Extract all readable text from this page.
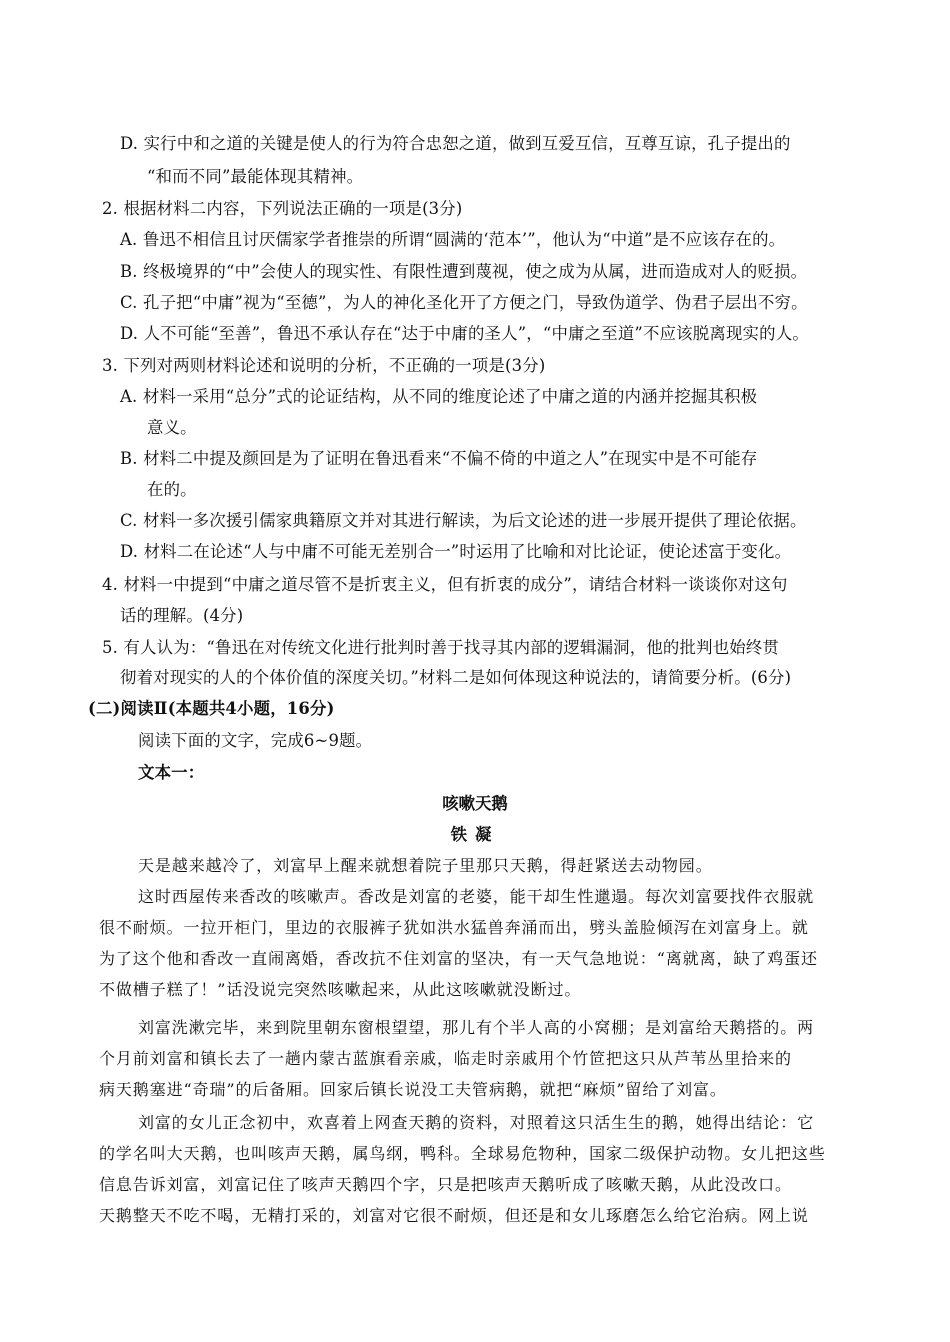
D. 实行中和之道的关键是使人的行为符合忠恕之道，做到互爱互信，互尊互谅，孔子提出的
“和而不同”最能体现其精神。
2. 根据材料二内容，下列说法正确的一项是(3分)
A. 鲁迅不相信且讨厌儒家学者推崇的所谓“圆满的‘范本’”，他认为“中道”是不应该存在的。
B. 终极境界的“中”会使人的现实性、有限性遭到蔑视，使之成为从属，进而造成对人的贬损。
C. 孔子把“中庸”视为“至德”，为人的神化圣化开了方便之门，导致伪道学、伪君子层出不穷。
D. 人不可能“至善”，鲁迅不承认存在“达于中庸的圣人”，“中庸之至道”不应该脱离现实的人。
3. 下列对两则材料论述和说明的分析，不正确的一项是(3分)
A. 材料一采用“总分”式的论证结构，从不同的维度论述了中庸之道的内涵并挖掘其积极
意义。
B. 材料二中提及颜回是为了证明在鲁迅看来“不偏不倚的中道之人”在现实中是不可能存
在的。
C. 材料一多次援引儒家典籍原文并对其进行解读，为后文论述的进一步展开提供了理论依据。
D. 材料二在论述“人与中庸不可能无差别合一”时运用了比喻和对比论证，使论述富于变化。
4. 材料一中提到“中庸之道尽管不是折衷主义，但有折衷的成分”，请结合材料一谈谈你对这句
话的理解。(4分)
5. 有人认为：“鲁迅在对传统文化进行批判时善于找寻其内部的逻辑漏洞，他的批判也始终贯
彻着对现实的人的个体价值的深度关切。”材料二是如何体现这种说法的，请简要分析。(6分)
(二)阅读Ⅱ(本题共4小题，16分)
阅读下面的文字，完成6~9题。
文本一：
咳嗽天鹅
铁凝
天是越来越冷了，刘富早上醒来就想着院子里那只天鹅，得赶紧送去动物园。
这时西屋传来香改的咳嗽声。香改是刘富的老婆，能干却生性邋遢。每次刘富要找件衣服就
很不耐烦。一拉开柜门，里边的衣服裤子犹如洪水猛兽奔涌而出，劈头盖脸倾泻在刘富身上。就
为了这个他和香改一直闹离婚，香改抗不住刘富的坚决，有一天气急地说：“离就离，缺了鸡蛋还
不做槽子糕了！”话没说完突然咳嗽起来，从此这咳嗽就没断过。
刘富洗漱完毕，来到院里朝东窗根望望，那儿有个半人高的小窝棚；是刘富给天鹅搭的。两
个月前刘富和镇长去了一趟内蒙古蓝旗看亲戚，临走时亲戚用个竹笸把这只从芦苇丛里拾来的
病天鹅塞进“奇瑞”的后备厢。回家后镇长说没工夫管病鹅，就把“麻烦”留给了刘富。
刘富的女儿正念初中，欢喜着上网查天鹅的资料，对照着这只活生生的鹅，她得出结论：它
的学名叫大天鹅，也叫咳声天鹅，属鸟纲，鸭科。全球易危物种，国家二级保护动物。女儿把这些
信息告诉刘富，刘富记住了咳声天鹅四个字，只是把咳声天鹅听成了咳嗽天鹅，从此没改口。
天鹅整天不吃不喝，无精打采的，刘富对它很不耐烦，但还是和女儿琢磨怎么给它治病。网上说
